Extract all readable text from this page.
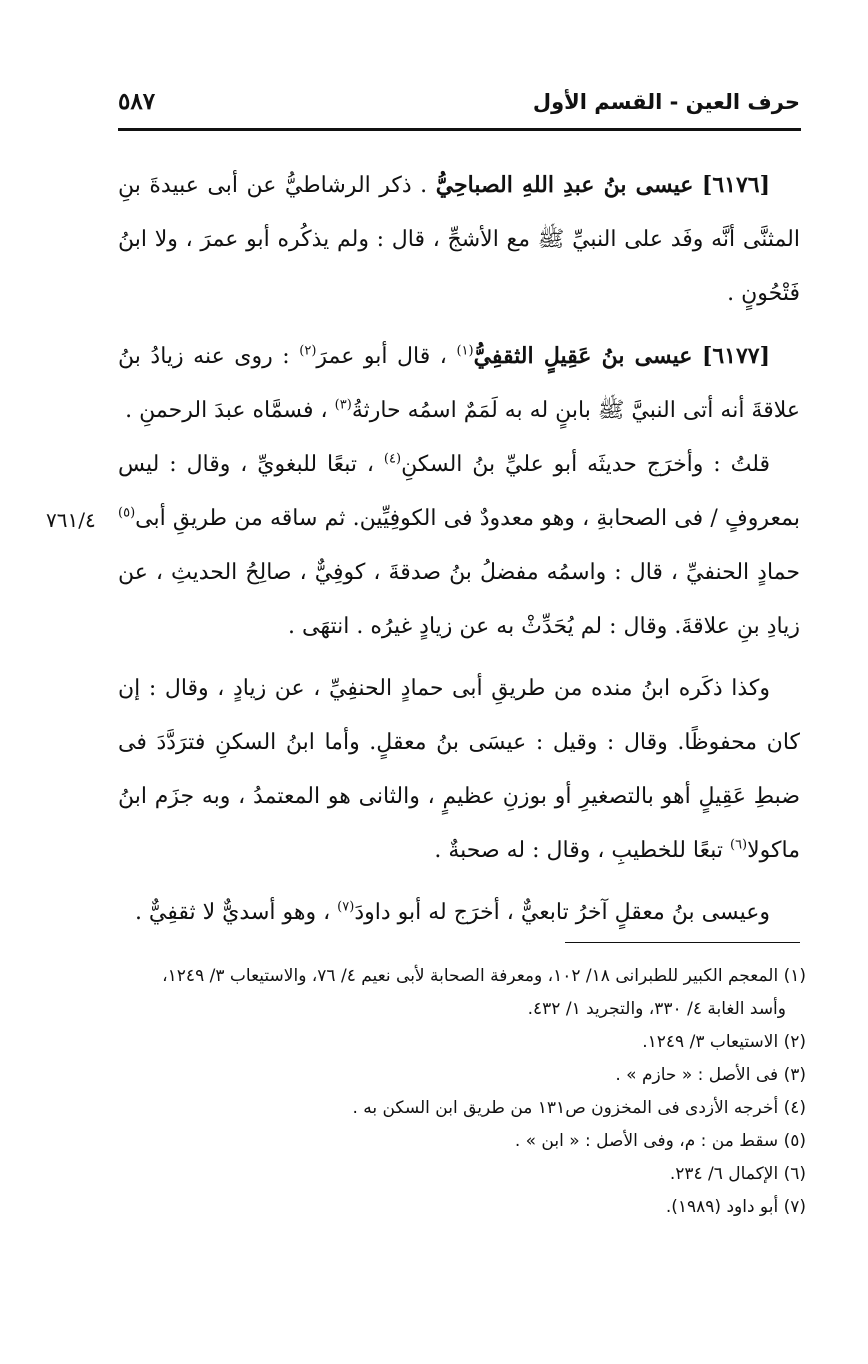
حرف العين - القسم الأول
٥٨٧
٧٦١/٤

[٦١٧٦] عيسى بنُ عبدِ اللهِ الصباحِيُّ . ذكر الرشاطيُّ عن أبى عبيدةَ بنِ المثنَّى أنَّه وفَد على النبيِّ ﷺ مع الأشجِّ ، قال : ولم يذكُره أبو عمرَ ، ولا ابنُ فَتْحُونٍ .

[٦١٧٧] عيسى بنُ عَقِيلٍ الثقفِيُّ$^{(١)}$ ، قال أبو عمرَ$^{(٢)}$ : روى عنه زيادُ بنُ علاقةَ أنه أتى النبيَّ ﷺ بابنٍ له به لَمَمٌ اسمُه حارثةُ$^{(٣)}$ ، فسمَّاه عبدَ الرحمنِ .

قلتُ : وأخرَج حديثَه أبو عليِّ بنُ السكنِ$^{(٤)}$ ، تبعًا للبغويِّ ، وقال : ليس بمعروفٍ / فى الصحابةِ ، وهو معدودٌ فى الكوفِيِّين. ثم ساقه من طريقِ أبى$^{(٥)}$ حمادٍ الحنفيِّ ، قال : واسمُه مفضلُ بنُ صدقةَ ، كوفِيٌّ ، صالِحُ الحديثِ ، عن زيادِ بنِ علاقةَ. وقال : لم يُحَدِّثْ به عن زيادٍ غيرُه . انتهَى .

وكذا ذكَره ابنُ منده من طريقِ أبى حمادٍ الحنفِيِّ ، عن زيادٍ ، وقال : إن كان محفوظًا. وقال : وقيل : عيسَى بنُ معقلٍ. وأما ابنُ السكنِ فترَدَّدَ فى ضبطِ عَقِيلٍ أهو بالتصغيرِ أو بوزنِ عظيمٍ ، والثانى هو المعتمدُ ، وبه جزَم ابنُ ماكولا$^{(٦)}$ تبعًا للخطيبِ ، وقال : له صحبةٌ .

وعيسى بنُ معقلٍ آخرُ تابعيٌّ ، أخرَج له أبو داودَ$^{(٧)}$ ، وهو أسديٌّ لا ثقفِيٌّ .

(١) المعجم الكبير للطبرانى ١٨/ ١٠٢، ومعرفة الصحابة لأبى نعيم ٤/ ٧٦، والاستيعاب ٣/ ١٢٤٩،

وأسد الغابة ٤/ ٣٣٠، والتجريد ١/ ٤٣٢.

(٢) الاستيعاب ٣/ ١٢٤٩.

(٣) فى الأصل : « حازم » .

(٤) أخرجه الأزدى فى المخزون ص١٣١ من طريق ابن السكن به .

(٥) سقط من : م، وفى الأصل : « ابن » .

(٦) الإكمال ٦/ ٢٣٤.

(٧) أبو داود (١٩٨٩).
